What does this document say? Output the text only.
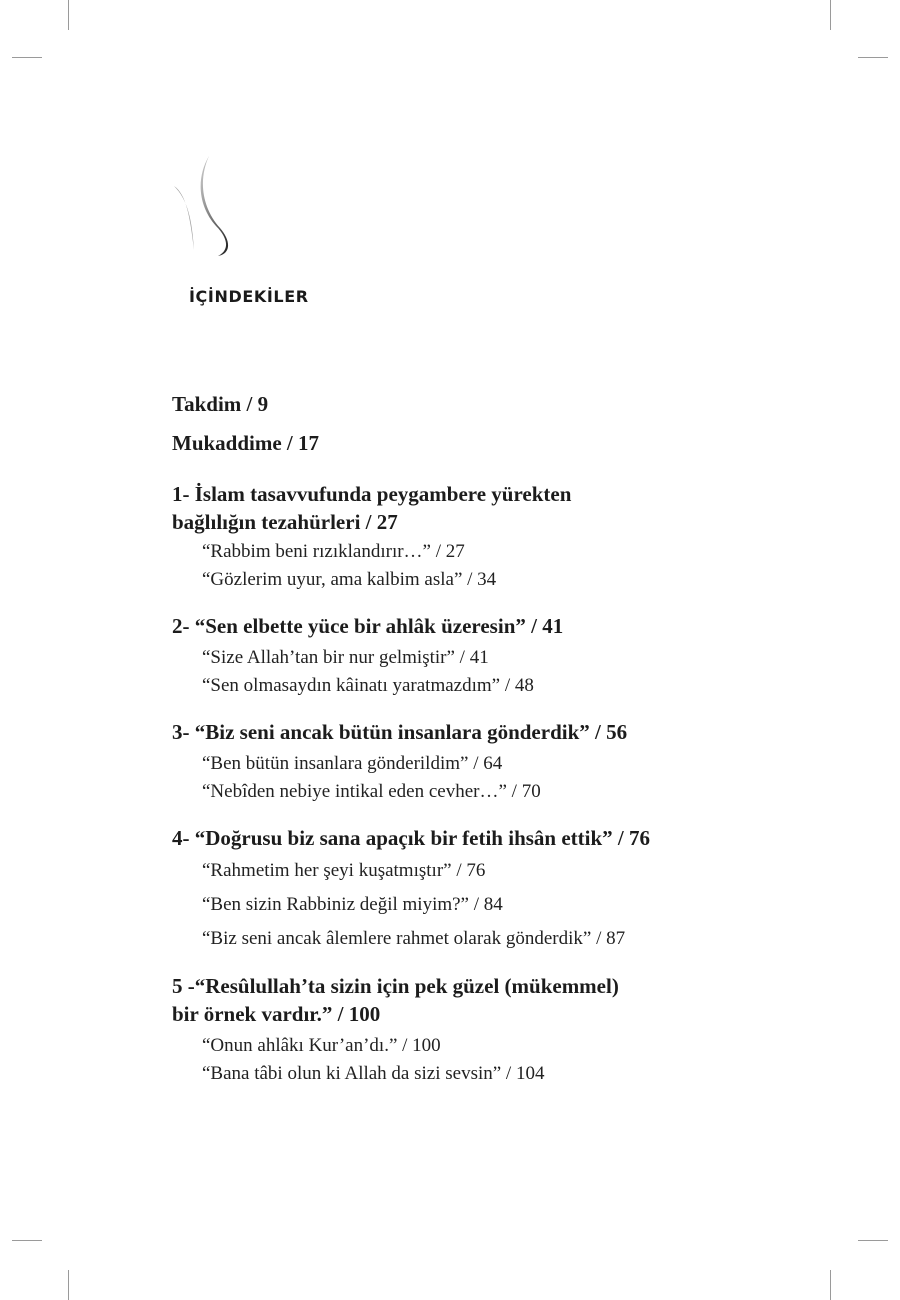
İÇİNDEKİLER
Takdim / 9
Mukaddime / 17
1- İslam tasavvufunda peygambere yürekten
bağlılığın tezahürleri / 27
“Rabbim beni rızıklandırır…” / 27
“Gözlerim uyur, ama kalbim asla” / 34
2- “Sen elbette yüce bir ahlâk üzeresin” / 41
“Size Allah’tan bir nur gelmiştir” / 41
“Sen olmasaydın kâinatı yaratmazdım” / 48
3- “Biz seni ancak bütün insanlara gönderdik” / 56
“Ben bütün insanlara gönderildim” / 64
“Nebîden nebiye intikal eden cevher…” / 70
4- “Doğrusu biz sana apaçık bir fetih ihsân ettik” / 76
“Rahmetim her şeyi kuşatmıştır” / 76
“Ben sizin Rabbiniz değil miyim?” / 84
“Biz seni ancak âlemlere rahmet olarak gönderdik” / 87
5 -“Resûlullah’ta sizin için pek güzel (mükemmel)
bir örnek vardır.” / 100
“Onun ahlâkı Kur’an’dı.” / 100
“Bana tâbi olun ki Allah da sizi sevsin” / 104
